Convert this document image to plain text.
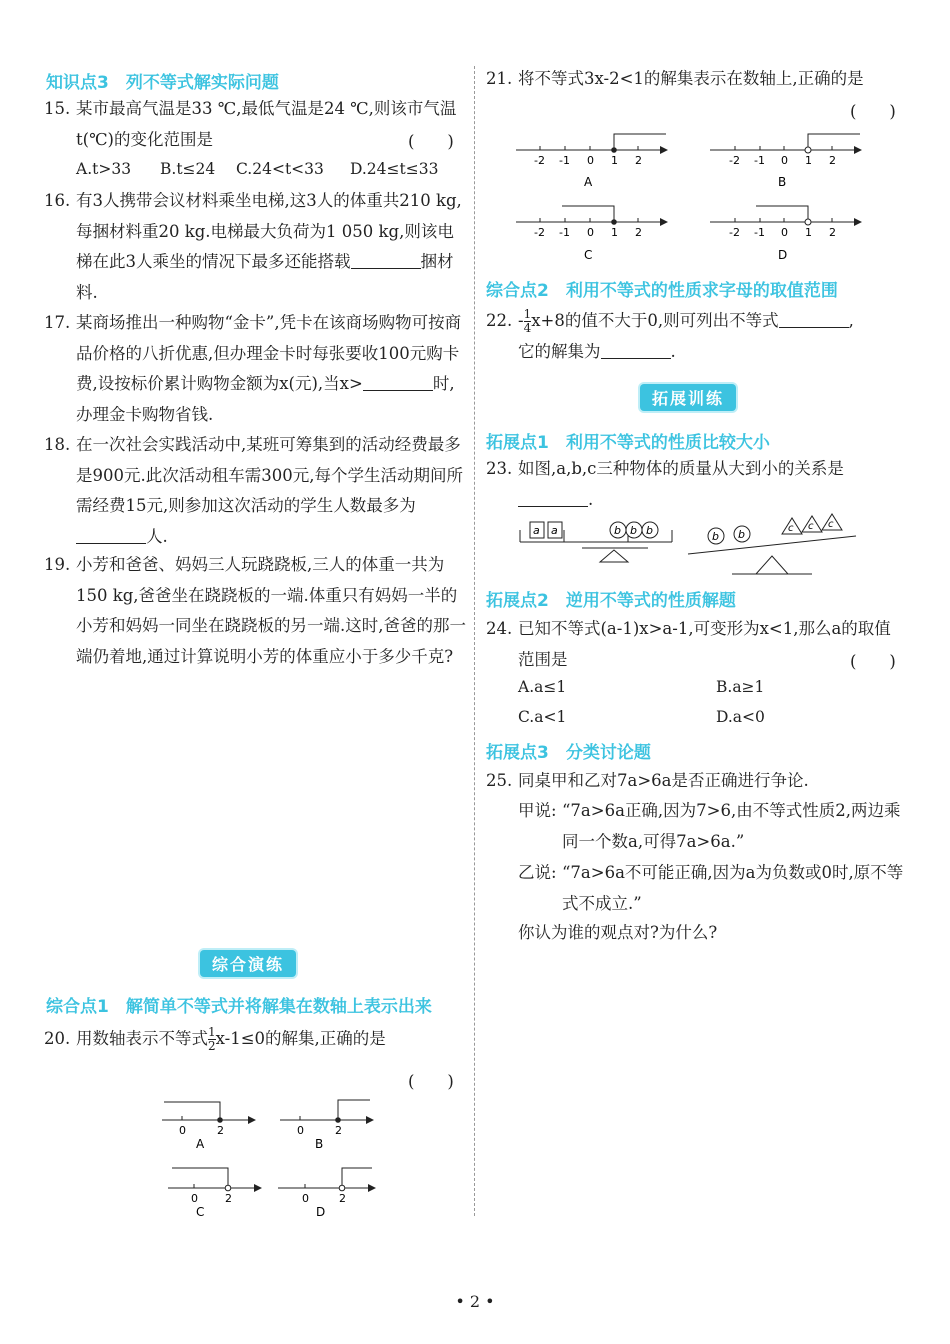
知识点3　列不等式解实际问题
15. 某市最高气温是33 ℃,最低气温是24 ℃,则该市气温t(℃)的变化范围是	(　　)
A.t>33 B.t≤24 C.24<t<33 D.24≤t≤33
16. 有3人携带会议材料乘坐电梯,这3人的体重共210 kg,每捆材料重20 kg.电梯最大负荷为1 050 kg,则该电梯在此3人乘坐的情况下最多还能搭载	捆材料.
17. 某商场推出一种购物“金卡”,凭卡在该商场购物可按商品价格的八折优惠,但办理金卡时每张要收100元购卡费,设按标价累计购物金额为x(元),当x>	时,办理金卡购物省钱.
18. 在一次社会实践活动中,某班可筹集到的活动经费最多是900元.此次活动租车需300元,每个学生活动期间所需经费15元,则参加这次活动的学生人数最多为人.
19. 小芳和爸爸、妈妈三人玩跷跷板,三人的体重一共为150 kg,爸爸坐在跷跷板的一端.体重只有妈妈一半的小芳和妈妈一同坐在跷跷板的另一端.这时,爸爸的那一端仍着地,通过计算说明小芳的体重应小于多少千克?
综合演练
综合点1　解简单不等式并将解集在数轴上表示出来
20. 用数轴表示不等式 $\frac{1}{2} x-1\le 0$的解集,正确的是
(　　)
0	2
A
0	2
B
0 2
C
0	2
D
21. 将不等式3x-2<1的解集表示在数轴上,正确的是
(　　)
-2 -1 0 1 2
A
-2 -1 0 1 2
B
-2 -1 0 1 2
C
-2 -1 0 1 2
D
综合点2　利用不等式的性质求字母的取值范围
22. - $\frac{1}{4} x+8$的值不大于0,则可列出不等式	,
它的解集为	.
拓展训练
拓展点1　利用不等式的性质比较大小
23. 如图,a,b,c三种物体的质量从大到小的关系是.
a a	b b b	b b	c c c
拓展点2　逆用不等式的性质解题
24. 已知不等式(a-1)x>a-1,可变形为x<1,那么a的取值范围是	(　　)
A.a≤1	B.a≥1
C.a<1	D.a<0
拓展点3　分类讨论题
25. 同桌甲和乙对7a>6a是否正确进行争论.
甲说: “7a>6a正确,因为7>6,由不等式性质2,两边乘同一个数a,可得7a>6a.”
乙说: “7a>6a不可能正确,因为a为负数或0时,原不等式不成立.”
你认为谁的观点对?为什么?
• 2 •
